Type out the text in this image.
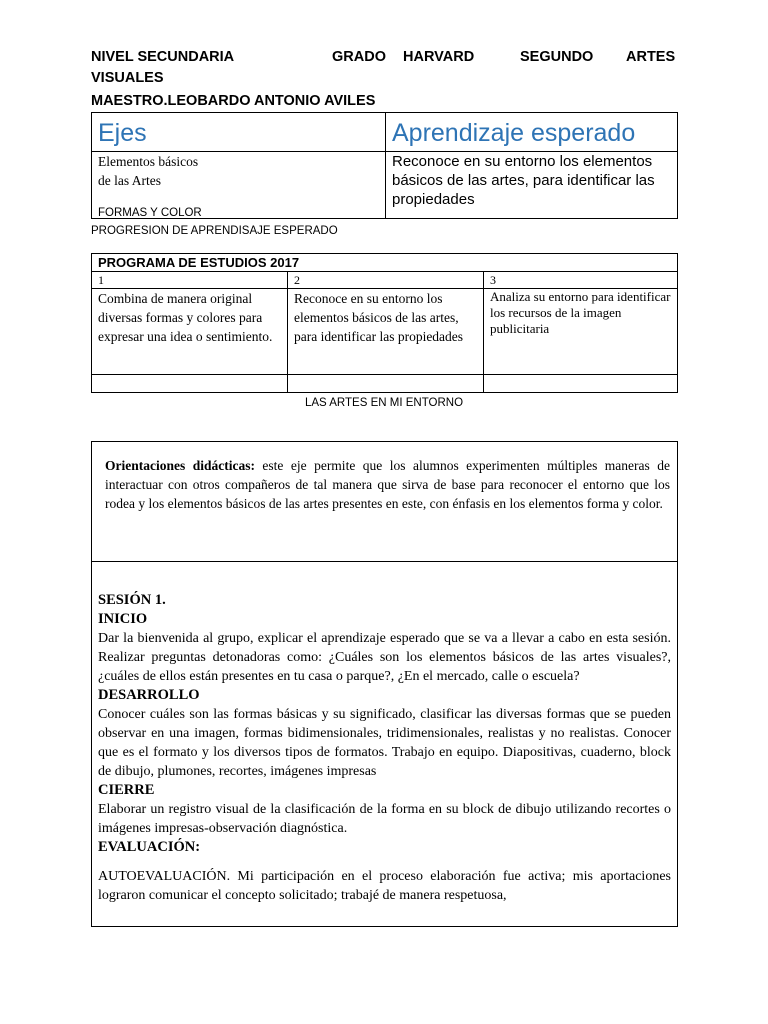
NIVEL SECUNDARIA	GRADO HARVARD	SEGUNDO ARTES
VISUALES
MAESTRO.LEOBARDO ANTONIO AVILES
Ejes	Aprendizaje esperado

Elementos básicos
de las Artes
FORMAS Y COLOR	Reconoce en su entorno los elementos básicos de las artes, para identificar las propiedades
PROGRESION DE APRENDISAJE ESPERADO
PROGRAMA DE ESTUDIOS 2017		
1	2	3
Combina de manera original diversas formas y colores para expresar una idea o sentimiento.	Reconoce en su entorno los elementos básicos de las artes, para identificar las propiedades	Analiza su entorno para identificar los recursos de la imagen publicitaria

LAS ARTES EN MI ENTORNO

Orientaciones didácticas: este eje permite que los alumnos experimenten múltiples maneras de interactuar con otros compañeros de tal manera que sirva de base para reconocer el entorno que los rodea y los elementos básicos de las artes presentes en este, con énfasis en los elementos forma y color.

SESIÓN 1.

INICIO

Dar la bienvenida al grupo, explicar el aprendizaje esperado que se va a llevar a cabo en esta sesión. Realizar preguntas detonadoras como: ¿Cuáles son los elementos básicos de las artes visuales?, ¿cuáles de ellos están presentes en tu casa o parque?, ¿En el mercado, calle o escuela?

DESARROLLO

Conocer cuáles son las formas básicas y su significado, clasificar las diversas formas que se pueden observar en una imagen, formas bidimensionales, tridimensionales, realistas y no realistas. Conocer que es el formato y los diversos tipos de formatos. Trabajo en equipo. Diapositivas, cuaderno, block de dibujo, plumones, recortes, imágenes impresas

CIERRE

Elaborar un registro visual de la clasificación de la forma en su block de dibujo utilizando recortes o imágenes impresas-observación diagnóstica.

EVALUACIÓN:

AUTOEVALUACIÓN. Mi participación en el proceso elaboración fue activa; mis aportaciones lograron comunicar el concepto solicitado; trabajé de manera respetuosa,
